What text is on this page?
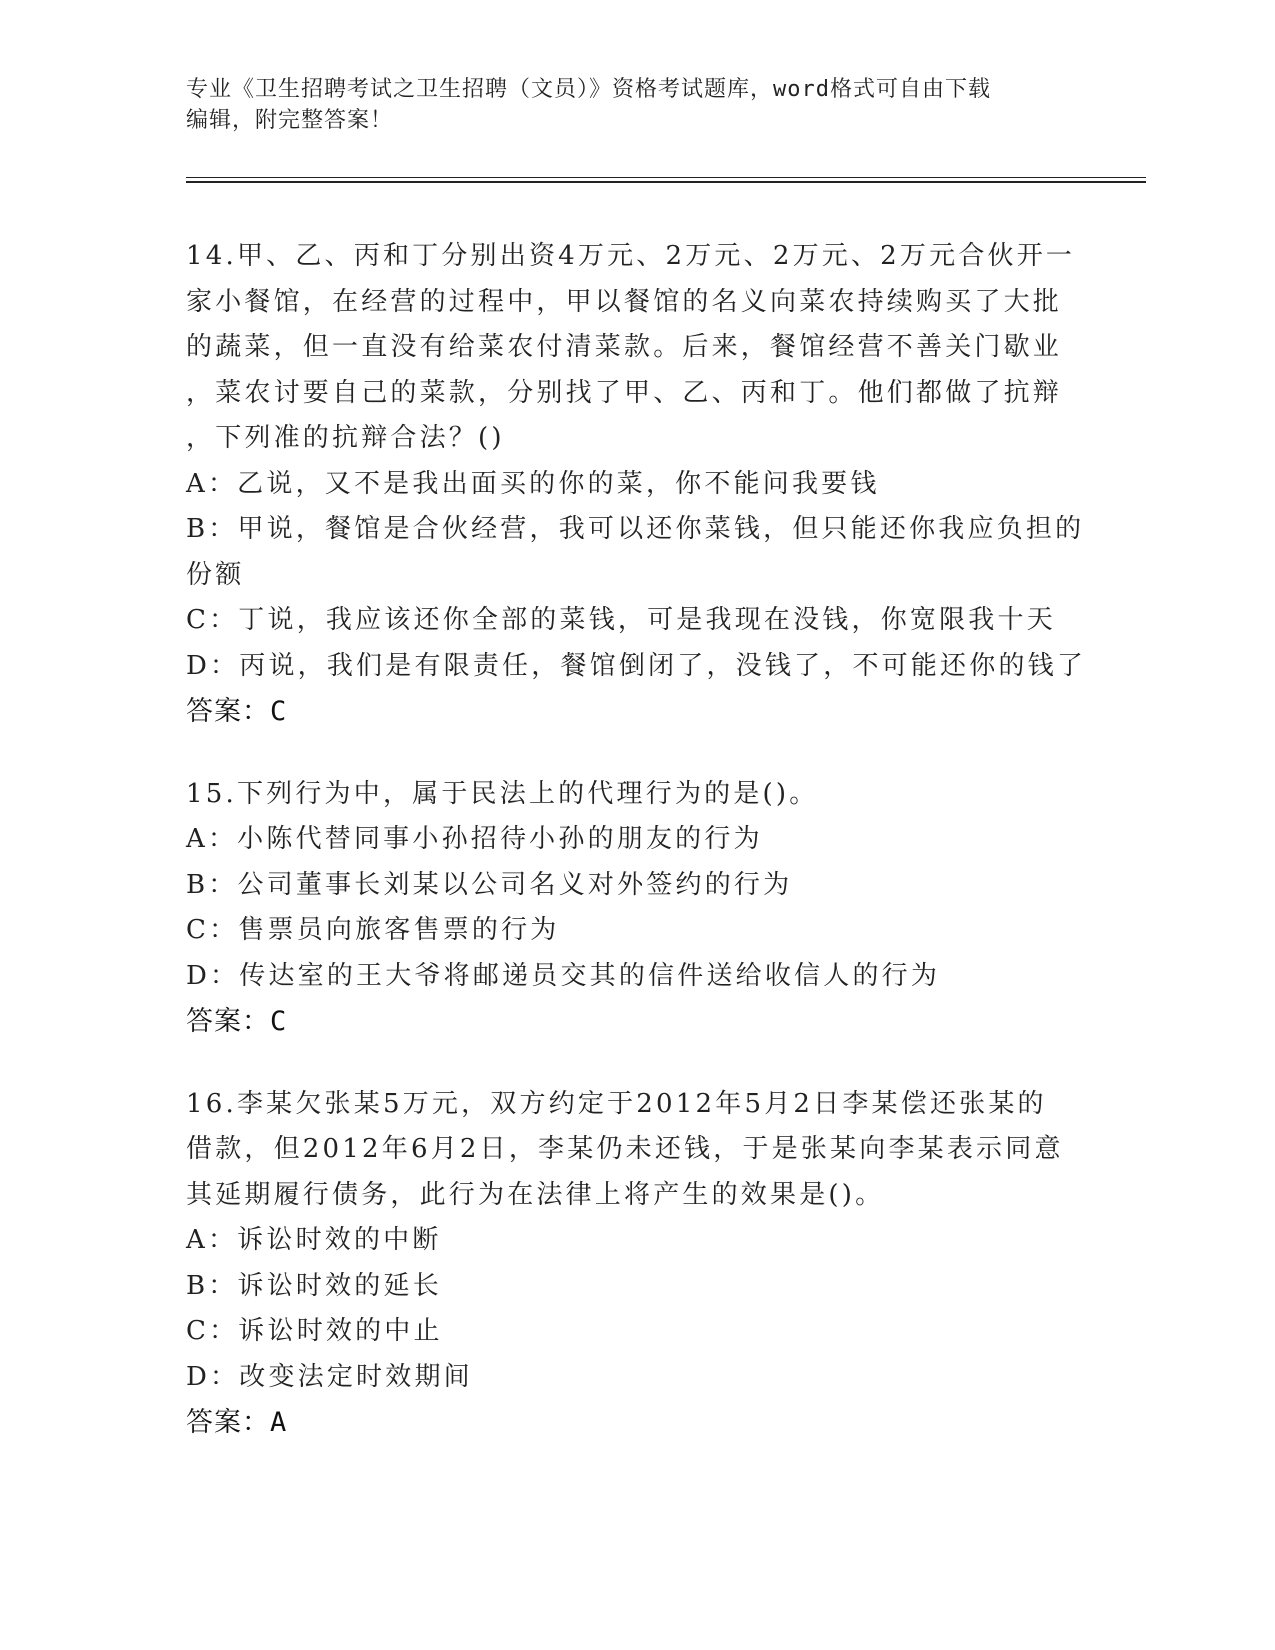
专业《卫生招聘考试之卫生招聘（文员）》资格考试题库，word格式可自由下载
编辑，附完整答案！
14.甲、乙、丙和丁分别出资4万元、2万元、2万元、2万元合伙开一
家小餐馆，在经营的过程中，甲以餐馆的名义向菜农持续购买了大批
的蔬菜，但一直没有给菜农付清菜款。后来，餐馆经营不善关门歇业
，菜农讨要自己的菜款，分别找了甲、乙、丙和丁。他们都做了抗辩
，下列准的抗辩合法？()
A：乙说，又不是我出面买的你的菜，你不能问我要钱
B：甲说，餐馆是合伙经营，我可以还你菜钱，但只能还你我应负担的
份额
C：丁说，我应该还你全部的菜钱，可是我现在没钱，你宽限我十天
D：丙说，我们是有限责任，餐馆倒闭了，没钱了，不可能还你的钱了
答案：C
15.下列行为中，属于民法上的代理行为的是()。
A：小陈代替同事小孙招待小孙的朋友的行为
B：公司董事长刘某以公司名义对外签约的行为
C：售票员向旅客售票的行为
D：传达室的王大爷将邮递员交其的信件送给收信人的行为
答案：C
16.李某欠张某5万元，双方约定于2012年5月2日李某偿还张某的
借款，但2012年6月2日，李某仍未还钱，于是张某向李某表示同意
其延期履行债务，此行为在法律上将产生的效果是()。
A：诉讼时效的中断
B：诉讼时效的延长
C：诉讼时效的中止
D：改变法定时效期间
答案：A
